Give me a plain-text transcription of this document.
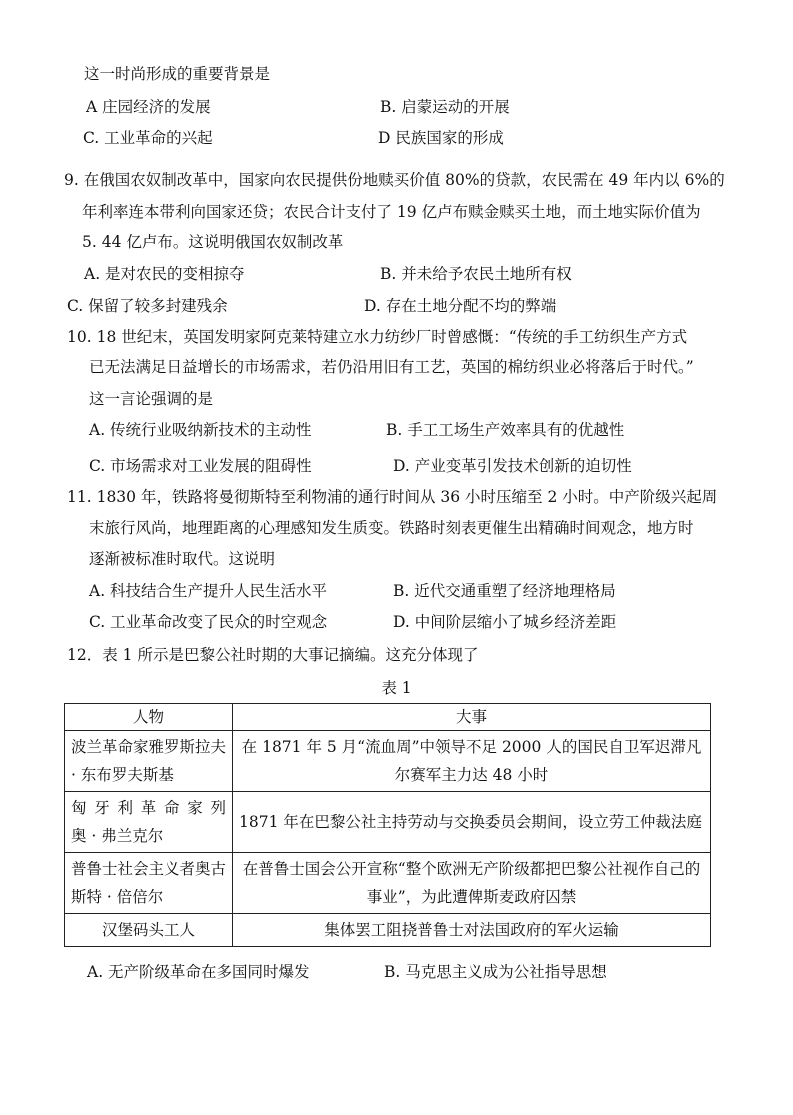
这一时尚形成的重要背景是
A 庄园经济的发展	B. 启蒙运动的开展
C. 工业革命的兴起	D 民族国家的形成
9. 在俄国农奴制改革中，国家向农民提供份地赎买价值 80%的贷款，农民需在 49 年内以 6%的
年利率连本带利向国家还贷；农民合计支付了 19 亿卢布赎金赎买土地，而土地实际价值为
5. 44 亿卢布。这说明俄国农奴制改革
A. 是对农民的变相掠夺	B. 并未给予农民土地所有权
C. 保留了较多封建残余	D. 存在土地分配不均的弊端
10. 18 世纪末，英国发明家阿克莱特建立水力纺纱厂时曾感慨：“传统的手工纺织生产方式
已无法满足日益增长的市场需求，若仍沿用旧有工艺，英国的棉纺织业必将落后于时代。”
这一言论强调的是
A. 传统行业吸纳新技术的主动性	B. 手工工场生产效率具有的优越性
C. 市场需求对工业发展的阻碍性	D. 产业变革引发技术创新的迫切性
11. 1830 年，铁路将曼彻斯特至利物浦的通行时间从 36 小时压缩至 2 小时。中产阶级兴起周
末旅行风尚，地理距离的心理感知发生质变。铁路时刻表更催生出精确时间观念，地方时
逐渐被标准时取代。这说明
A. 科技结合生产提升人民生活水平	B. 近代交通重塑了经济地理格局
C. 工业革命改变了民众的时空观念	D. 中间阶层缩小了城乡经济差距
12．表 1 所示是巴黎公社时期的大事记摘编。这充分体现了
表 1
人物	大事
波兰革命家雅罗斯拉夫 · 东布罗夫斯基	在 1871 年 5 月“流血周”中领导不足 2000 人的国民自卫军迟滞凡尔赛军主力达 48 小时
匈 牙 利 革 命 家 列 奥 · 弗兰克尔	1871 年在巴黎公社主持劳动与交换委员会期间，设立劳工仲裁法庭
普鲁士社会主义者奥古斯特 · 倍倍尔	在普鲁士国会公开宣称“整个欧洲无产阶级都把巴黎公社视作自己的事业”，为此遭俾斯麦政府囚禁
汉堡码头工人	集体罢工阻挠普鲁士对法国政府的军火运输
A. 无产阶级革命在多国同时爆发	B. 马克思主义成为公社指导思想
